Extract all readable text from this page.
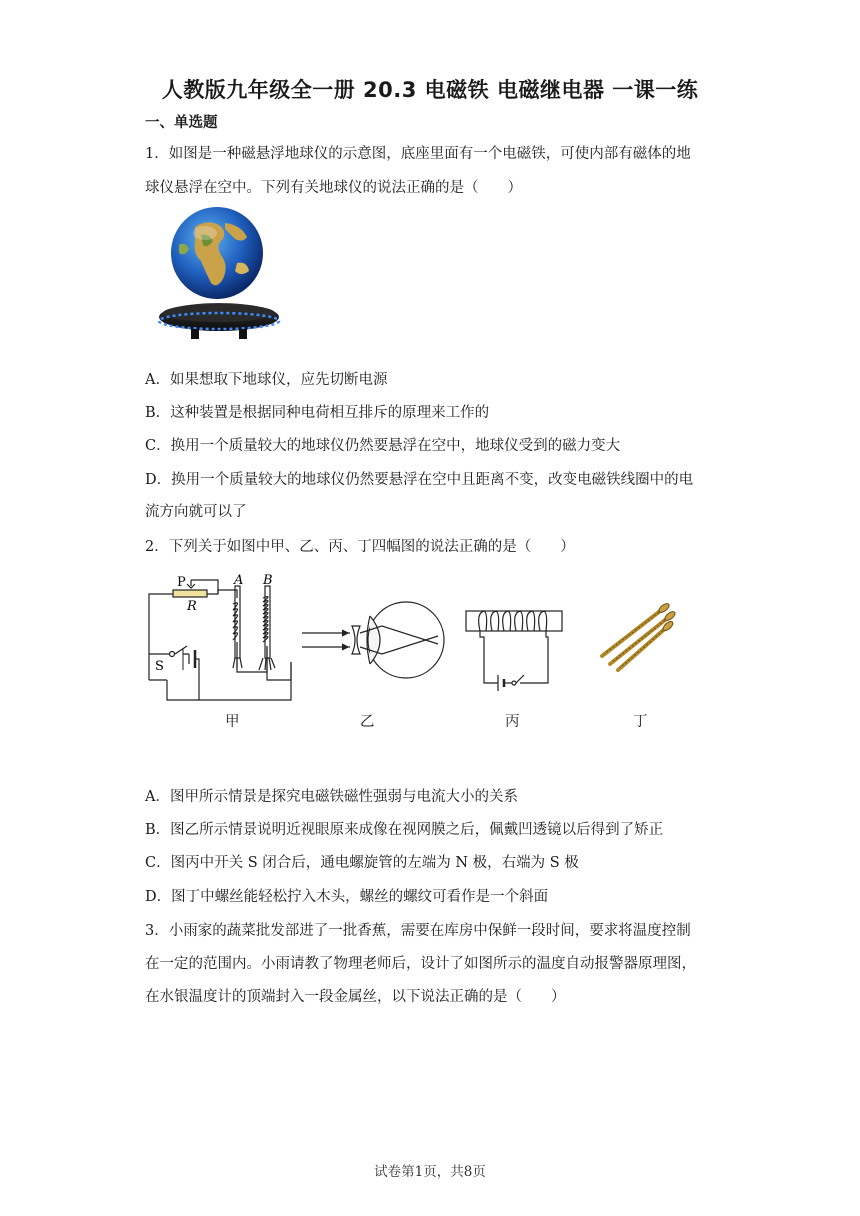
人教版九年级全一册 20.3 电磁铁 电磁继电器 一课一练
一、单选题
1．如图是一种磁悬浮地球仪的示意图，底座里面有一个电磁铁，可使内部有磁体的地
球仪悬浮在空中。下列有关地球仪的说法正确的是（　　）
A．如果想取下地球仪，应先切断电源
B．这种装置是根据同种电荷相互排斥的原理来工作的
C．换用一个质量较大的地球仪仍然要悬浮在空中，地球仪受到的磁力变大
D．换用一个质量较大的地球仪仍然要悬浮在空中且距离不变，改变电磁铁线圈中的电
流方向就可以了
2．下列关于如图中甲、乙、丙、丁四幅图的说法正确的是（　　）
P
R
A B
S
甲	乙	丙	丁
A．图甲所示情景是探究电磁铁磁性强弱与电流大小的关系
B．图乙所示情景说明近视眼原来成像在视网膜之后，佩戴凹透镜以后得到了矫正
C．图丙中开关 S 闭合后，通电螺旋管的左端为 N 极，右端为 S 极
D．图丁中螺丝能轻松拧入木头，螺丝的螺纹可看作是一个斜面
3．小雨家的蔬菜批发部进了一批香蕉，需要在库房中保鲜一段时间，要求将温度控制
在一定的范围内。小雨请教了物理老师后，设计了如图所示的温度自动报警器原理图，
在水银温度计的顶端封入一段金属丝，以下说法正确的是（　　）
试卷第1页，共8页
